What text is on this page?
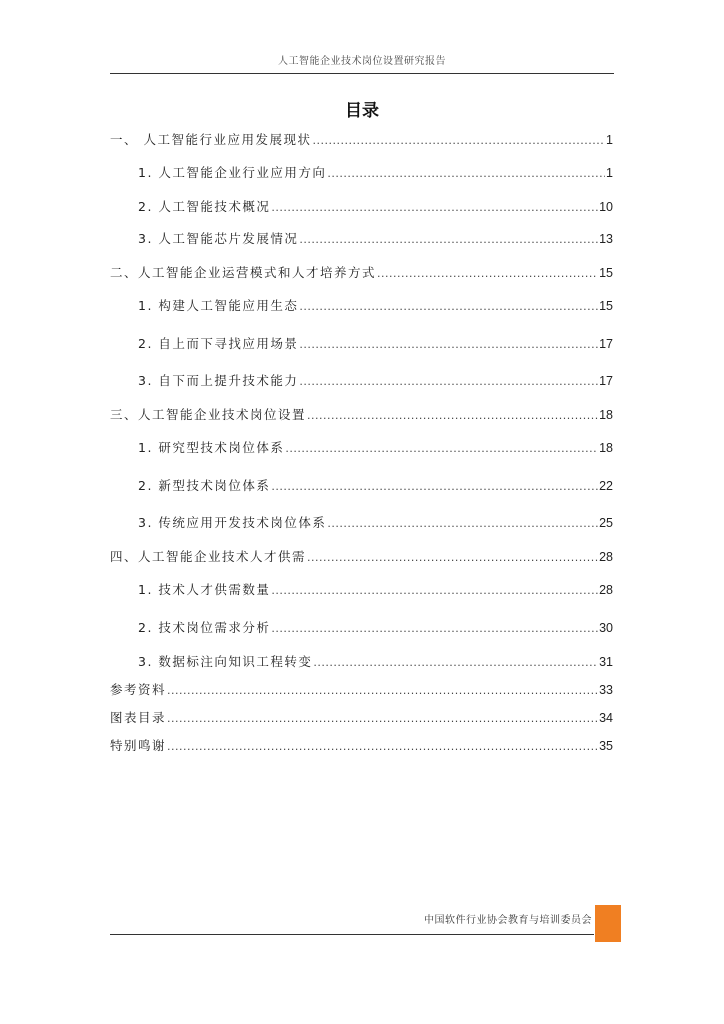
人工智能企业技术岗位设置研究报告
目录
一、 人工智能行业应用发展现状 .....	1
1. 人工智能企业行业应用方向 .....	1
2. 人工智能技术概况 .....	10
3. 人工智能芯片发展情况 .....	13
二、人工智能企业运营模式和人才培养方式 .....	15
1. 构建人工智能应用生态 .....	15
2. 自上而下寻找应用场景 .....	17
3. 自下而上提升技术能力 .....	17
三、人工智能企业技术岗位设置 .....	18
1. 研究型技术岗位体系 .....	18
2. 新型技术岗位体系 .....	22
3. 传统应用开发技术岗位体系 .....	25
四、人工智能企业技术人才供需 .....	28
1. 技术人才供需数量 .....	28
2. 技术岗位需求分析 .....	30
3. 数据标注向知识工程转变 .....	31
参考资料 .....	33
图表目录 .....	34
特别鸣谢 .....	35
中国软件行业协会教育与培训委员会
